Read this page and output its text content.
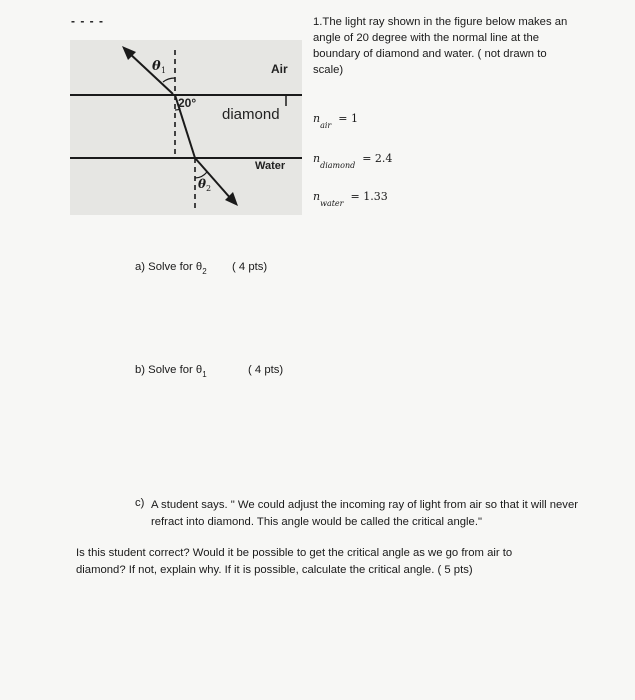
- - - -
θ 1
θ 2
Air
diamond
Water
20°
1.The light ray shown in the figure below makes an angle of 20 degree with the normal line at the boundary of diamond and water. ( not drawn to scale)
$n_{air} = 1$
$n_{diamond} = 2.4$
$n_{water} = 1.33$
a) Solve for $\theta_2$ ( 4 pts)
b) Solve for $\theta_1$	( 4 pts)
c) A student says. " We could adjust the incoming ray of light from air so that it will never refract into diamond. This angle would be called the critical angle."
Is this student correct? Would it be possible to get the critical angle as we go from air to diamond? If not, explain why. If it is possible, calculate the critical angle. ( 5 pts)
